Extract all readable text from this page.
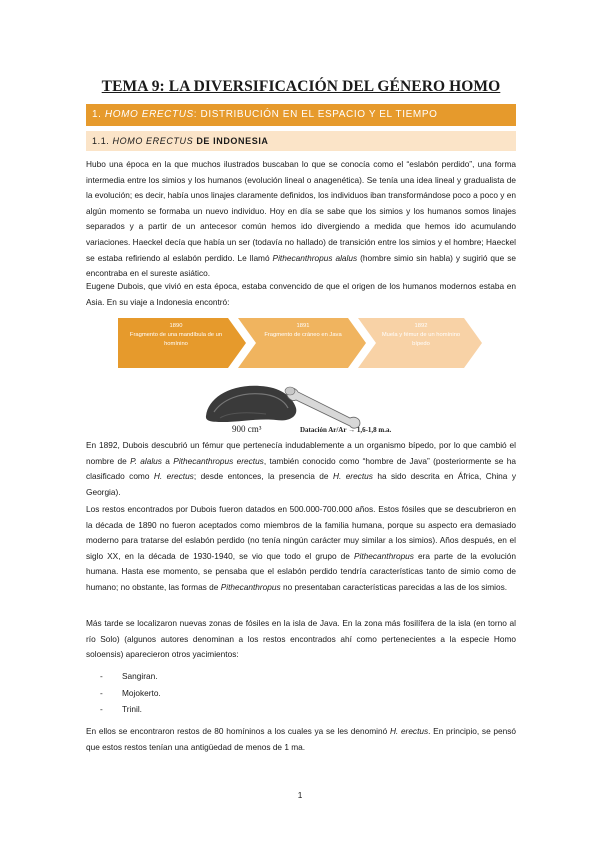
TEMA 9: LA DIVERSIFICACIÓN DEL GÉNERO HOMO
1. HOMO ERECTUS: DISTRIBUCIÓN EN EL ESPACIO Y EL TIEMPO
1.1. HOMO ERECTUS DE INDONESIA

Hubo una época en la que muchos ilustrados buscaban lo que se conocía como el “eslabón perdido”, una forma intermedia entre los simios y los humanos (evolución lineal o anagenética). Se tenía una idea lineal y gradualista de la evolución; es decir, había unos linajes claramente definidos, los individuos iban transformándose poco a poco y en algún momento se formaba un nuevo individuo. Hoy en día se sabe que los simios y los humanos somos linajes separados y a partir de un antecesor común hemos ido divergiendo a medida que hemos ido acumulando variaciones. Haeckel decía que había un ser (todavía no hallado) de transición entre los simios y el hombre; Haeckel se estaba refiriendo al eslabón perdido. Le llamó Pithecanthropus alalus (hombre simio sin habla) y sugirió que se encontraba en el sureste asiático.

Eugene Dubois, que vivió en esta época, estaba convencido de que el origen de los humanos modernos estaba en Asia. En su viaje a Indonesia encontró:

1890
Fragmento de una mandíbula de un homínino
1891
Fragmento de cráneo en Java
1892
Muela y fémur de un homínino bípedo
900 cm³	Datación Ar/Ar → 1,6-1,8 m.a.

En 1892, Dubois descubrió un fémur que pertenecía indudablemente a un organismo bípedo, por lo que cambió el nombre de P. alalus a Pithecanthropus erectus, también conocido como “hombre de Java” (posteriormente se ha clasificado como H. erectus; desde entonces, la presencia de H. erectus ha sido descrita en África, China y Georgia).

Los restos encontrados por Dubois fueron datados en 500.000-700.000 años. Estos fósiles que se descubrieron en la década de 1890 no fueron aceptados como miembros de la familia humana, porque su aspecto era demasiado moderno para tratarse del eslabón perdido (no tenía ningún carácter muy similar a los simios). Años después, en el siglo XX, en la década de 1930-1940, se vio que todo el grupo de Pithecanthropus era parte de la evolución humana. Hasta ese momento, se pensaba que el eslabón perdido tendría características tanto de simio como de humano; no obstante, las formas de Pithecanthropus no presentaban características parecidas a las de los simios.

Más tarde se localizaron nuevas zonas de fósiles en la isla de Java. En la zona más fosilífera de la isla (en torno al río Solo) (algunos autores denominan a los restos encontrados ahí como pertenecientes a la especie Homo soloensis) aparecieron otros yacimientos:

- Sangiran.
- Mojokerto.
- Trinil.

En ellos se encontraron restos de 80 homíninos a los cuales ya se les denominó H. erectus. En principio, se pensó que estos restos tenían una antigüedad de menos de 1 ma.

1
